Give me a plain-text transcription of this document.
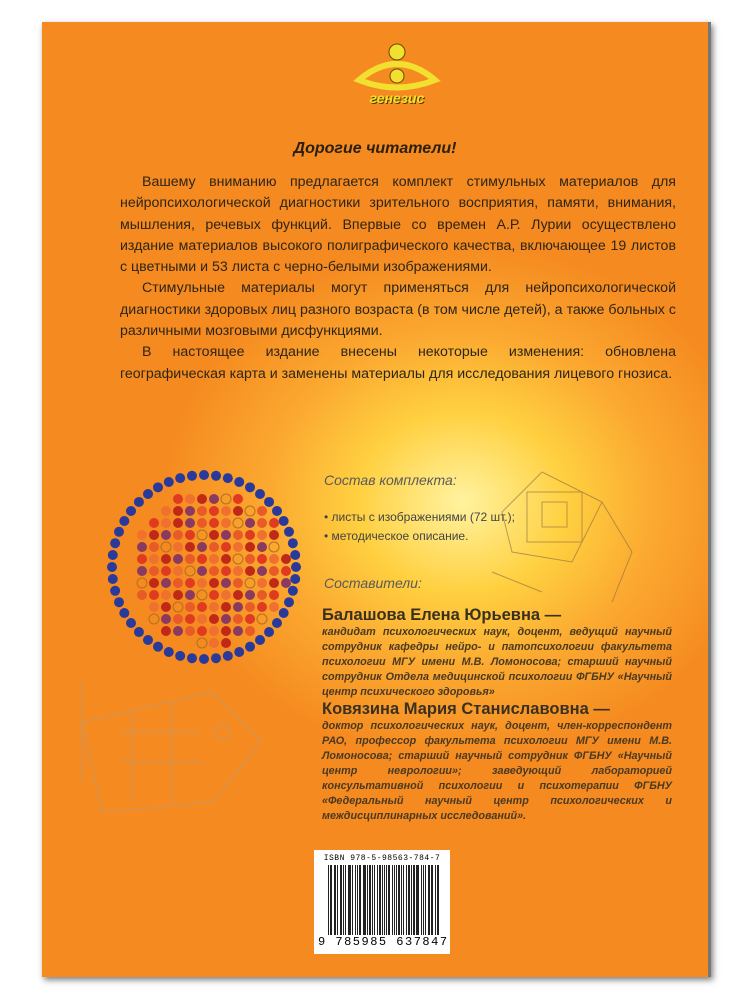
генезис
Дорогие читатели!

Вашему вниманию предлагается комплект стимульных материалов для нейропсихологической диагностики зрительного восприятия, памяти, внимания, мышления, речевых функций. Впервые со времен А.Р. Лурии осуществлено издание материалов высокого полиграфического качества, включающее 19 листов с цветными и 53 листа с черно-белыми изображениями.

Стимульные материалы могут применяться для нейропсихологической диагностики здоровых лиц разного возраста (в том числе детей), а также больных с различными мозговыми дисфункциями.

В настоящее издание внесены некоторые изменения: обновлена географическая карта и заменены материалы для исследования лицевого гнозиса.

Состав комплекта:
• листы с изображениями (72 шт.);
• методическое описание.
Составители:
Балашова Елена Юрьевна —
кандидат психологических наук, доцент, ведущий научный сотрудник кафедры нейро- и патопсихологии факультета психологии МГУ имени М.В. Ломоносова; старший научный сотрудник Отдела медицинской психологии ФГБНУ «Научный центр психического здоровья»
Ковязина Мария Станиславовна —
доктор психологических наук, доцент, член-корреспондент РАО, профессор факультета психологии МГУ имени М.В. Ломоносова; старший научный сотрудник ФГБНУ «Научный центр неврологии»; заведующий лабораторией консультативной психологии и психотерапии ФГБНУ «Федеральный научный центр психологических и междисциплинарных исследований».
ISBN 978-5-98563-784-7
9 785985 637847
